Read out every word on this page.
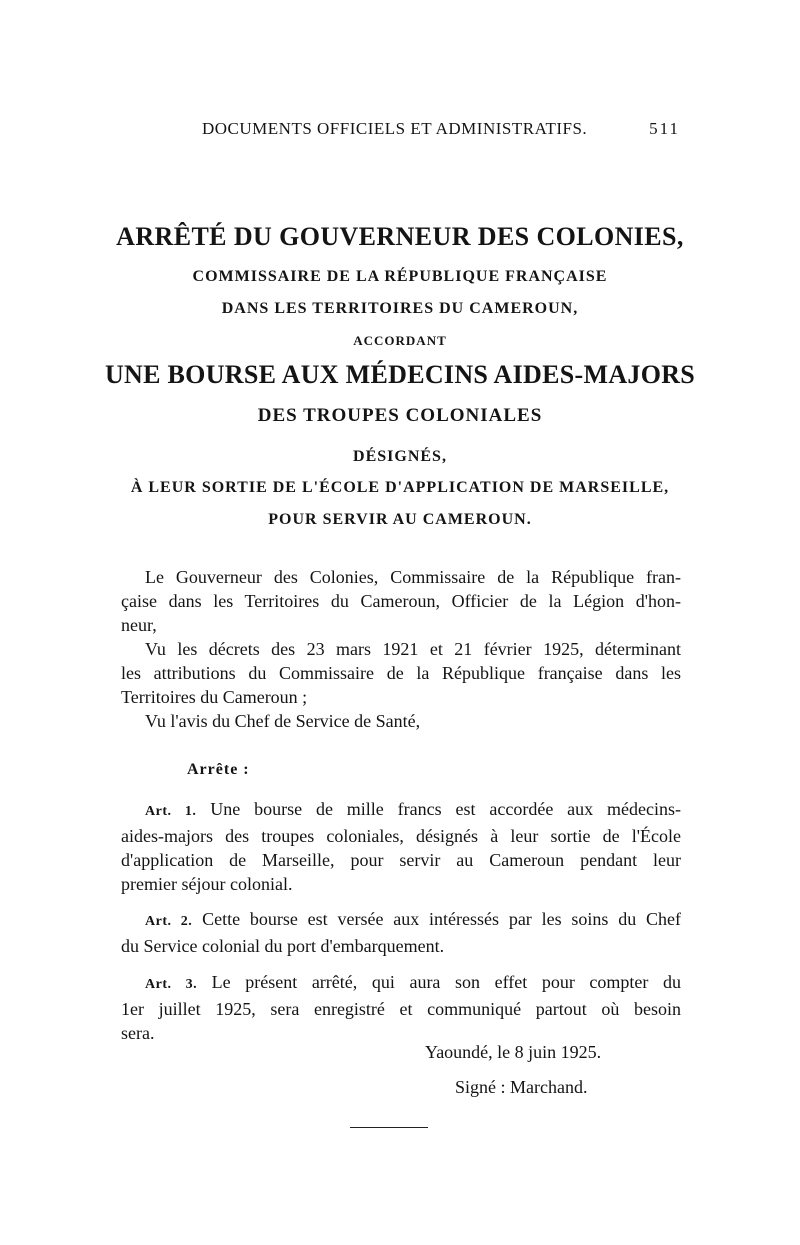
DOCUMENTS OFFICIELS ET ADMINISTRATIFS.	511
ARRÊTÉ DU GOUVERNEUR DES COLONIES,
COMMISSAIRE DE LA RÉPUBLIQUE FRANÇAISE
DANS LES TERRITOIRES DU CAMEROUN,
ACCORDANT
UNE BOURSE AUX MÉDECINS AIDES-MAJORS
DES TROUPES COLONIALES
DÉSIGNÉS,
À LEUR SORTIE DE L'ÉCOLE D'APPLICATION DE MARSEILLE,
POUR SERVIR AU CAMEROUN.
Le Gouverneur des Colonies, Commissaire de la République fran-
çaise dans les Territoires du Cameroun, Officier de la Légion d'hon-
neur,
Vu les décrets des 23 mars 1921 et 21 février 1925, déterminant
les attributions du Commissaire de la République française dans les
Territoires du Cameroun ;
Vu l'avis du Chef de Service de Santé,
Arrête :
Art. 1. Une bourse de mille francs est accordée aux médecins-
aides-majors des troupes coloniales, désignés à leur sortie de l'École
d'application de Marseille, pour servir au Cameroun pendant leur
premier séjour colonial.
Art. 2. Cette bourse est versée aux intéressés par les soins du Chef
du Service colonial du port d'embarquement.
Art. 3. Le présent arrêté, qui aura son effet pour compter du
1er juillet 1925, sera enregistré et communiqué partout où besoin
sera.
Yaoundé, le 8 juin 1925.
Signé : Marchand.
